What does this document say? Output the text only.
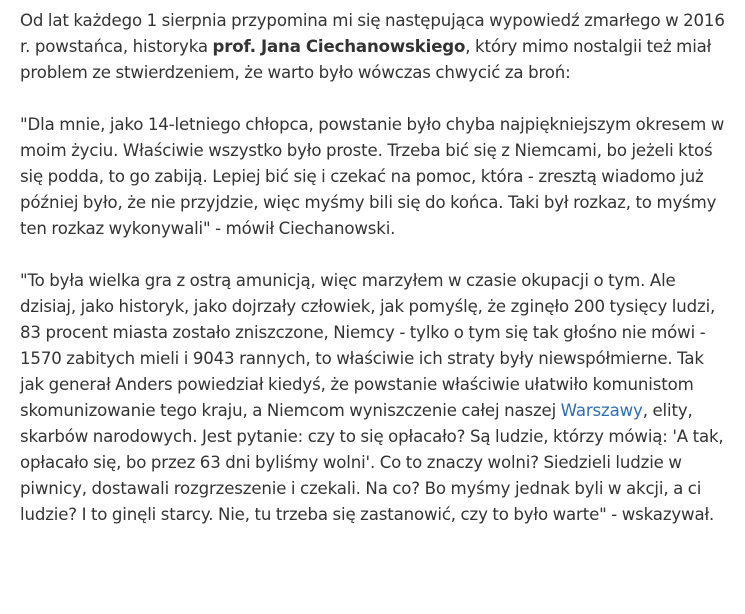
Od lat każdego 1 sierpnia przypomina mi się następująca wypowiedź zmarłego w 2016 r. powstańca, historyka prof. Jana Ciechanowskiego, który mimo nostalgii też miał problem ze stwierdzeniem, że warto było wówczas chwycić za broń:

"Dla mnie, jako 14-letniego chłopca, powstanie było chyba najpiękniejszym okresem w moim życiu. Właściwie wszystko było proste. Trzeba bić się z Niemcami, bo jeżeli ktoś się podda, to go zabiją. Lepiej bić się i czekać na pomoc, która - zresztą wiadomo już później było, że nie przyjdzie, więc myśmy bili się do końca. Taki był rozkaz, to myśmy ten rozkaz wykonywali" - mówił Ciechanowski.

"To była wielka gra z ostrą amunicją, więc marzyłem w czasie okupacji o tym. Ale dzisiaj, jako historyk, jako dojrzały człowiek, jak pomyślę, że zginęło 200 tysięcy ludzi, 83 procent miasta zostało zniszczone, Niemcy - tylko o tym się tak głośno nie mówi - 1570 zabitych mieli i 9043 rannych, to właściwie ich straty były niewspółmierne. Tak jak generał Anders powiedział kiedyś, że powstanie właściwie ułatwiło komunistom skomunizowanie tego kraju, a Niemcom wyniszczenie całej naszej Warszawy, elity, skarbów narodowych. Jest pytanie: czy to się opłacało? Są ludzie, którzy mówią: 'A tak, opłacało się, bo przez 63 dni byliśmy wolni'. Co to znaczy wolni? Siedzieli ludzie w piwnicy, dostawali rozgrzeszenie i czekali. Na co? Bo myśmy jednak byli w akcji, a ci ludzie? I to ginęli starcy. Nie, tu trzeba się zastanowić, czy to było warte" - wskazywał.
